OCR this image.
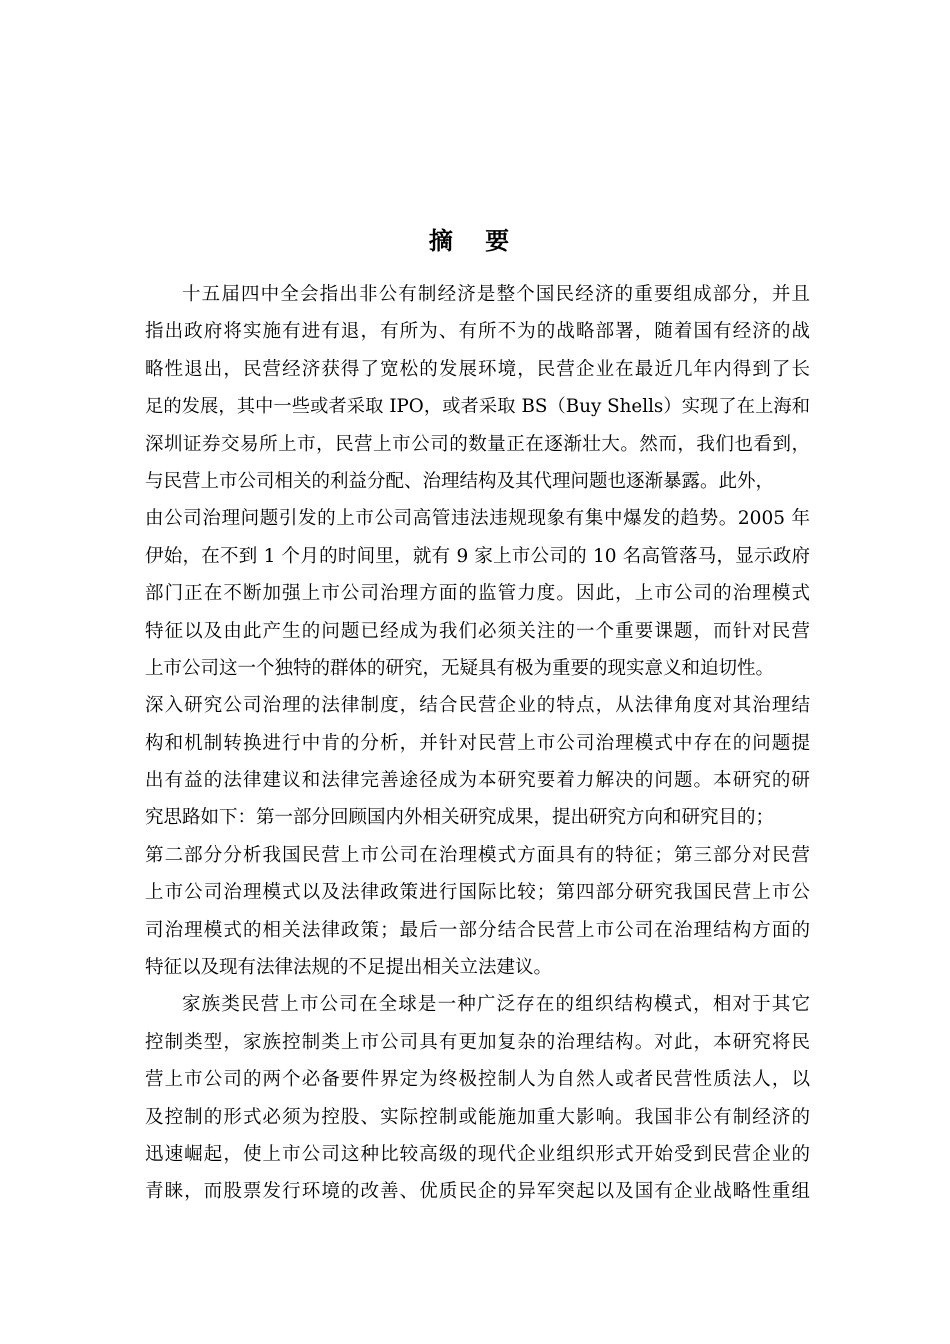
摘 要
十五届四中全会指出非公有制经济是整个国民经济的重要组成部分，并且
指出政府将实施有进有退，有所为、有所不为的战略部署，随着国有经济的战
略性退出，民营经济获得了宽松的发展环境，民营企业在最近几年内得到了长
足的发展，其中一些或者采取 IPO，或者采取 BS（Buy Shells）实现了在上海和
深圳证券交易所上市，民营上市公司的数量正在逐渐壮大。然而，我们也看到，
与民营上市公司相关的利益分配、治理结构及其代理问题也逐渐暴露。此外，
由公司治理问题引发的上市公司高管违法违规现象有集中爆发的趋势。2005 年
伊始，在不到 1 个月的时间里，就有 9 家上市公司的 10 名高管落马，显示政府
部门正在不断加强上市公司治理方面的监管力度。因此，上市公司的治理模式
特征以及由此产生的问题已经成为我们必须关注的一个重要课题，而针对民营
上市公司这一个独特的群体的研究，无疑具有极为重要的现实意义和迫切性。
深入研究公司治理的法律制度，结合民营企业的特点，从法律角度对其治理结
构和机制转换进行中肯的分析，并针对民营上市公司治理模式中存在的问题提
出有益的法律建议和法律完善途径成为本研究要着力解决的问题。本研究的研
究思路如下：第一部分回顾国内外相关研究成果，提出研究方向和研究目的；
第二部分分析我国民营上市公司在治理模式方面具有的特征；第三部分对民营
上市公司治理模式以及法律政策进行国际比较；第四部分研究我国民营上市公
司治理模式的相关法律政策；最后一部分结合民营上市公司在治理结构方面的
特征以及现有法律法规的不足提出相关立法建议。
家族类民营上市公司在全球是一种广泛存在的组织结构模式，相对于其它
控制类型，家族控制类上市公司具有更加复杂的治理结构。对此，本研究将民
营上市公司的两个必备要件界定为终极控制人为自然人或者民营性质法人，以
及控制的形式必须为控股、实际控制或能施加重大影响。我国非公有制经济的
迅速崛起，使上市公司这种比较高级的现代企业组织形式开始受到民营企业的
青睐，而股票发行环境的改善、优质民企的异军突起以及国有企业战略性重组
